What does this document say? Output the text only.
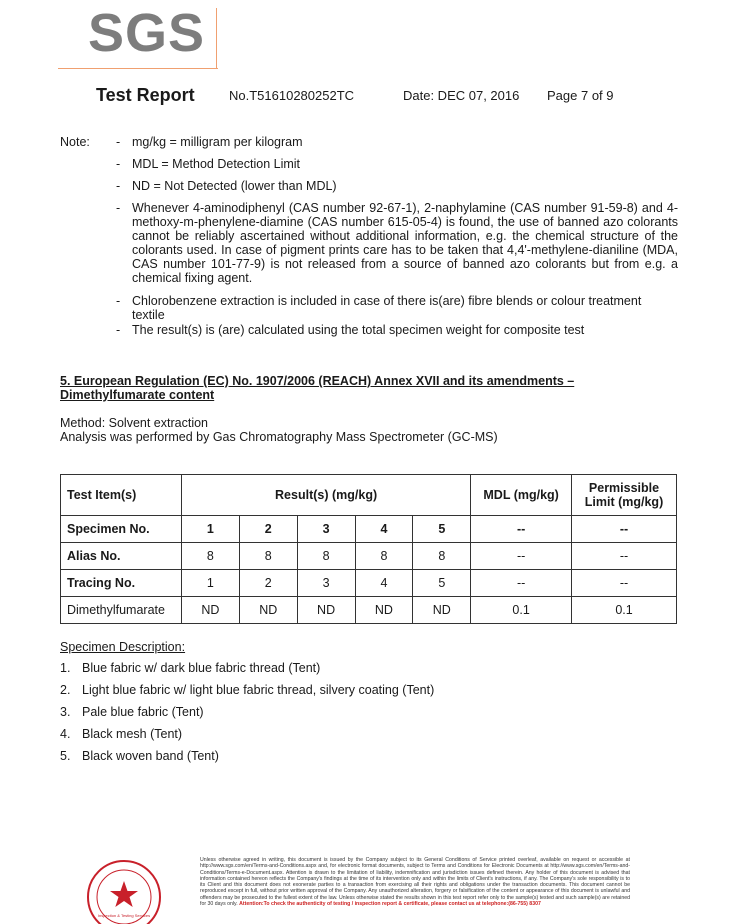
SGS
Test Report	No.T51610280252TC	Date: DEC 07, 2016 Page 7 of 9
Note: - mg/kg = milligram per kilogram
- MDL = Method Detection Limit
- ND = Not Detected (lower than MDL)
- Whenever 4-aminodiphenyl (CAS number 92-67-1), 2-naphylamine (CAS number 91-59-8) and 4-methoxy-m-phenylene-diamine (CAS number 615-05-4) is found, the use of banned azo colorants cannot be reliably ascertained without additional information, e.g. the chemical structure of the colorants used. In case of pigment prints care has to be taken that 4,4'-methylene-dianiline (MDA, CAS number 101-77-9) is not released from a source of banned azo colorants but from e.g. a chemical fixing agent.
- Chlorobenzene extraction is included in case of there is(are) fibre blends or colour treatment textile
- The result(s) is (are) calculated using the total specimen weight for composite test
5. European Regulation (EC) No. 1907/2006 (REACH) Annex XVII and its amendments –
Dimethylfumarate content
Method: Solvent extraction
Analysis was performed by Gas Chromatography Mass Spectrometer (GC-MS)
Test Item(s)	Result(s) (mg/kg)					MDL (mg/kg)	Permissible
Limit (mg/kg)

Specimen No.	1	2	3	4	5	--	--
Alias No.	8	8	8	8	8	--	--
Tracing No.	1	2	3	4	5	--	--
Dimethylfumarate	ND	ND	ND	ND	ND	0.1	0.1
Specimen Description:
1. Blue fabric w/ dark blue fabric thread (Tent)
2. Light blue fabric w/ light blue fabric thread, silvery coating (Tent)
3. Pale blue fabric (Tent)
4. Black mesh (Tent)
5. Black woven band (Tent)
Inspection & Testing Services
Unless otherwise agreed in writing, this document is issued by the Company subject to its General Conditions of Service printed overleaf, available on request or accessible at http://www.sgs.com/en/Terms-and-Conditions.aspx and, for electronic format documents, subject to Terms and Conditions for Electronic Documents at http://www.sgs.com/en/Terms-and-Conditions/Terms-e-Document.aspx. Attention is drawn to the limitation of liability, indemnification and jurisdiction issues defined therein. Any holder of this document is advised that information contained hereon reflects the Company's findings at the time of its intervention only and within the limits of Client's instructions, if any. The Company's sole responsibility is to its Client and this document does not exonerate parties to a transaction from exercising all their rights and obligations under the transaction documents. This document cannot be reproduced except in full, without prior written approval of the Company. Any unauthorized alteration, forgery or falsification of the content or appearance of this document is unlawful and offenders may be prosecuted to the fullest extent of the law. Unless otherwise stated the results shown in this test report refer only to the sample(s) tested and such sample(s) are retained for 30 days only. Attention:To check the authenticity of testing / inspection report & certificate, please contact us at telephone:(86-755) 8307
